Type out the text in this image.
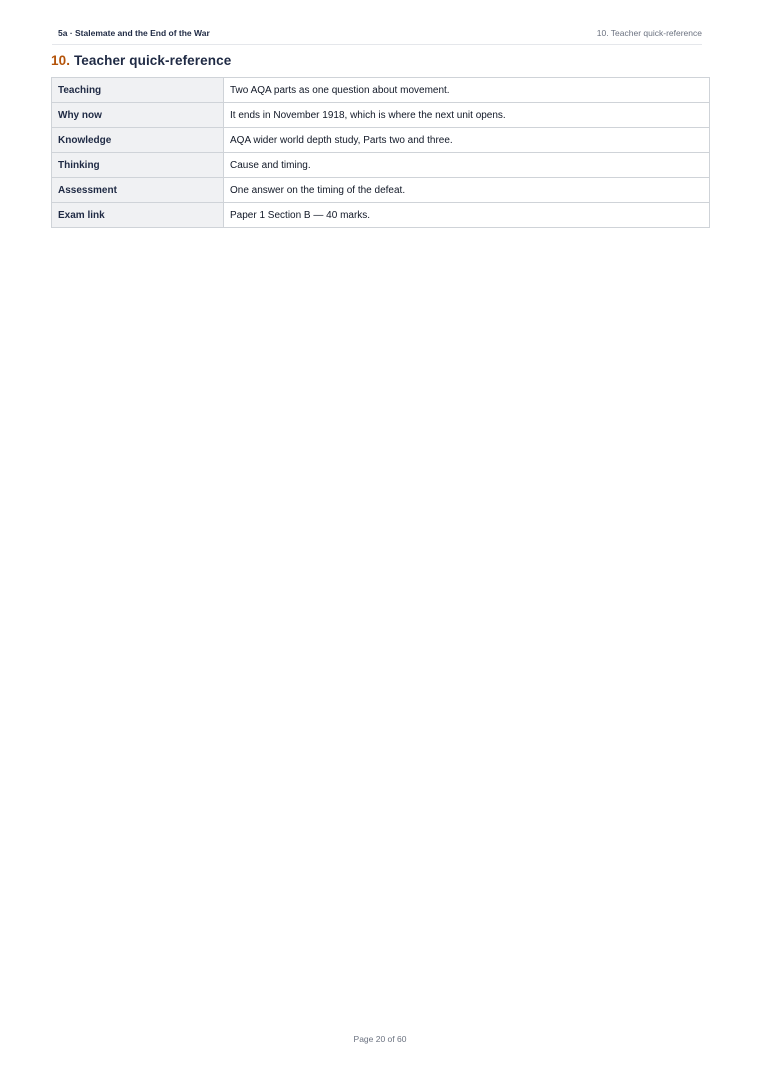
5a · Stalemate and the End of the War	10. Teacher quick-reference
10. Teacher quick-reference
Teaching	Two AQA parts as one question about movement.
Why now	It ends in November 1918, which is where the next unit opens.
Knowledge	AQA wider world depth study, Parts two and three.
Thinking	Cause and timing.
Assessment	One answer on the timing of the defeat.
Exam link	Paper 1 Section B — 40 marks.
Page 20 of 60
